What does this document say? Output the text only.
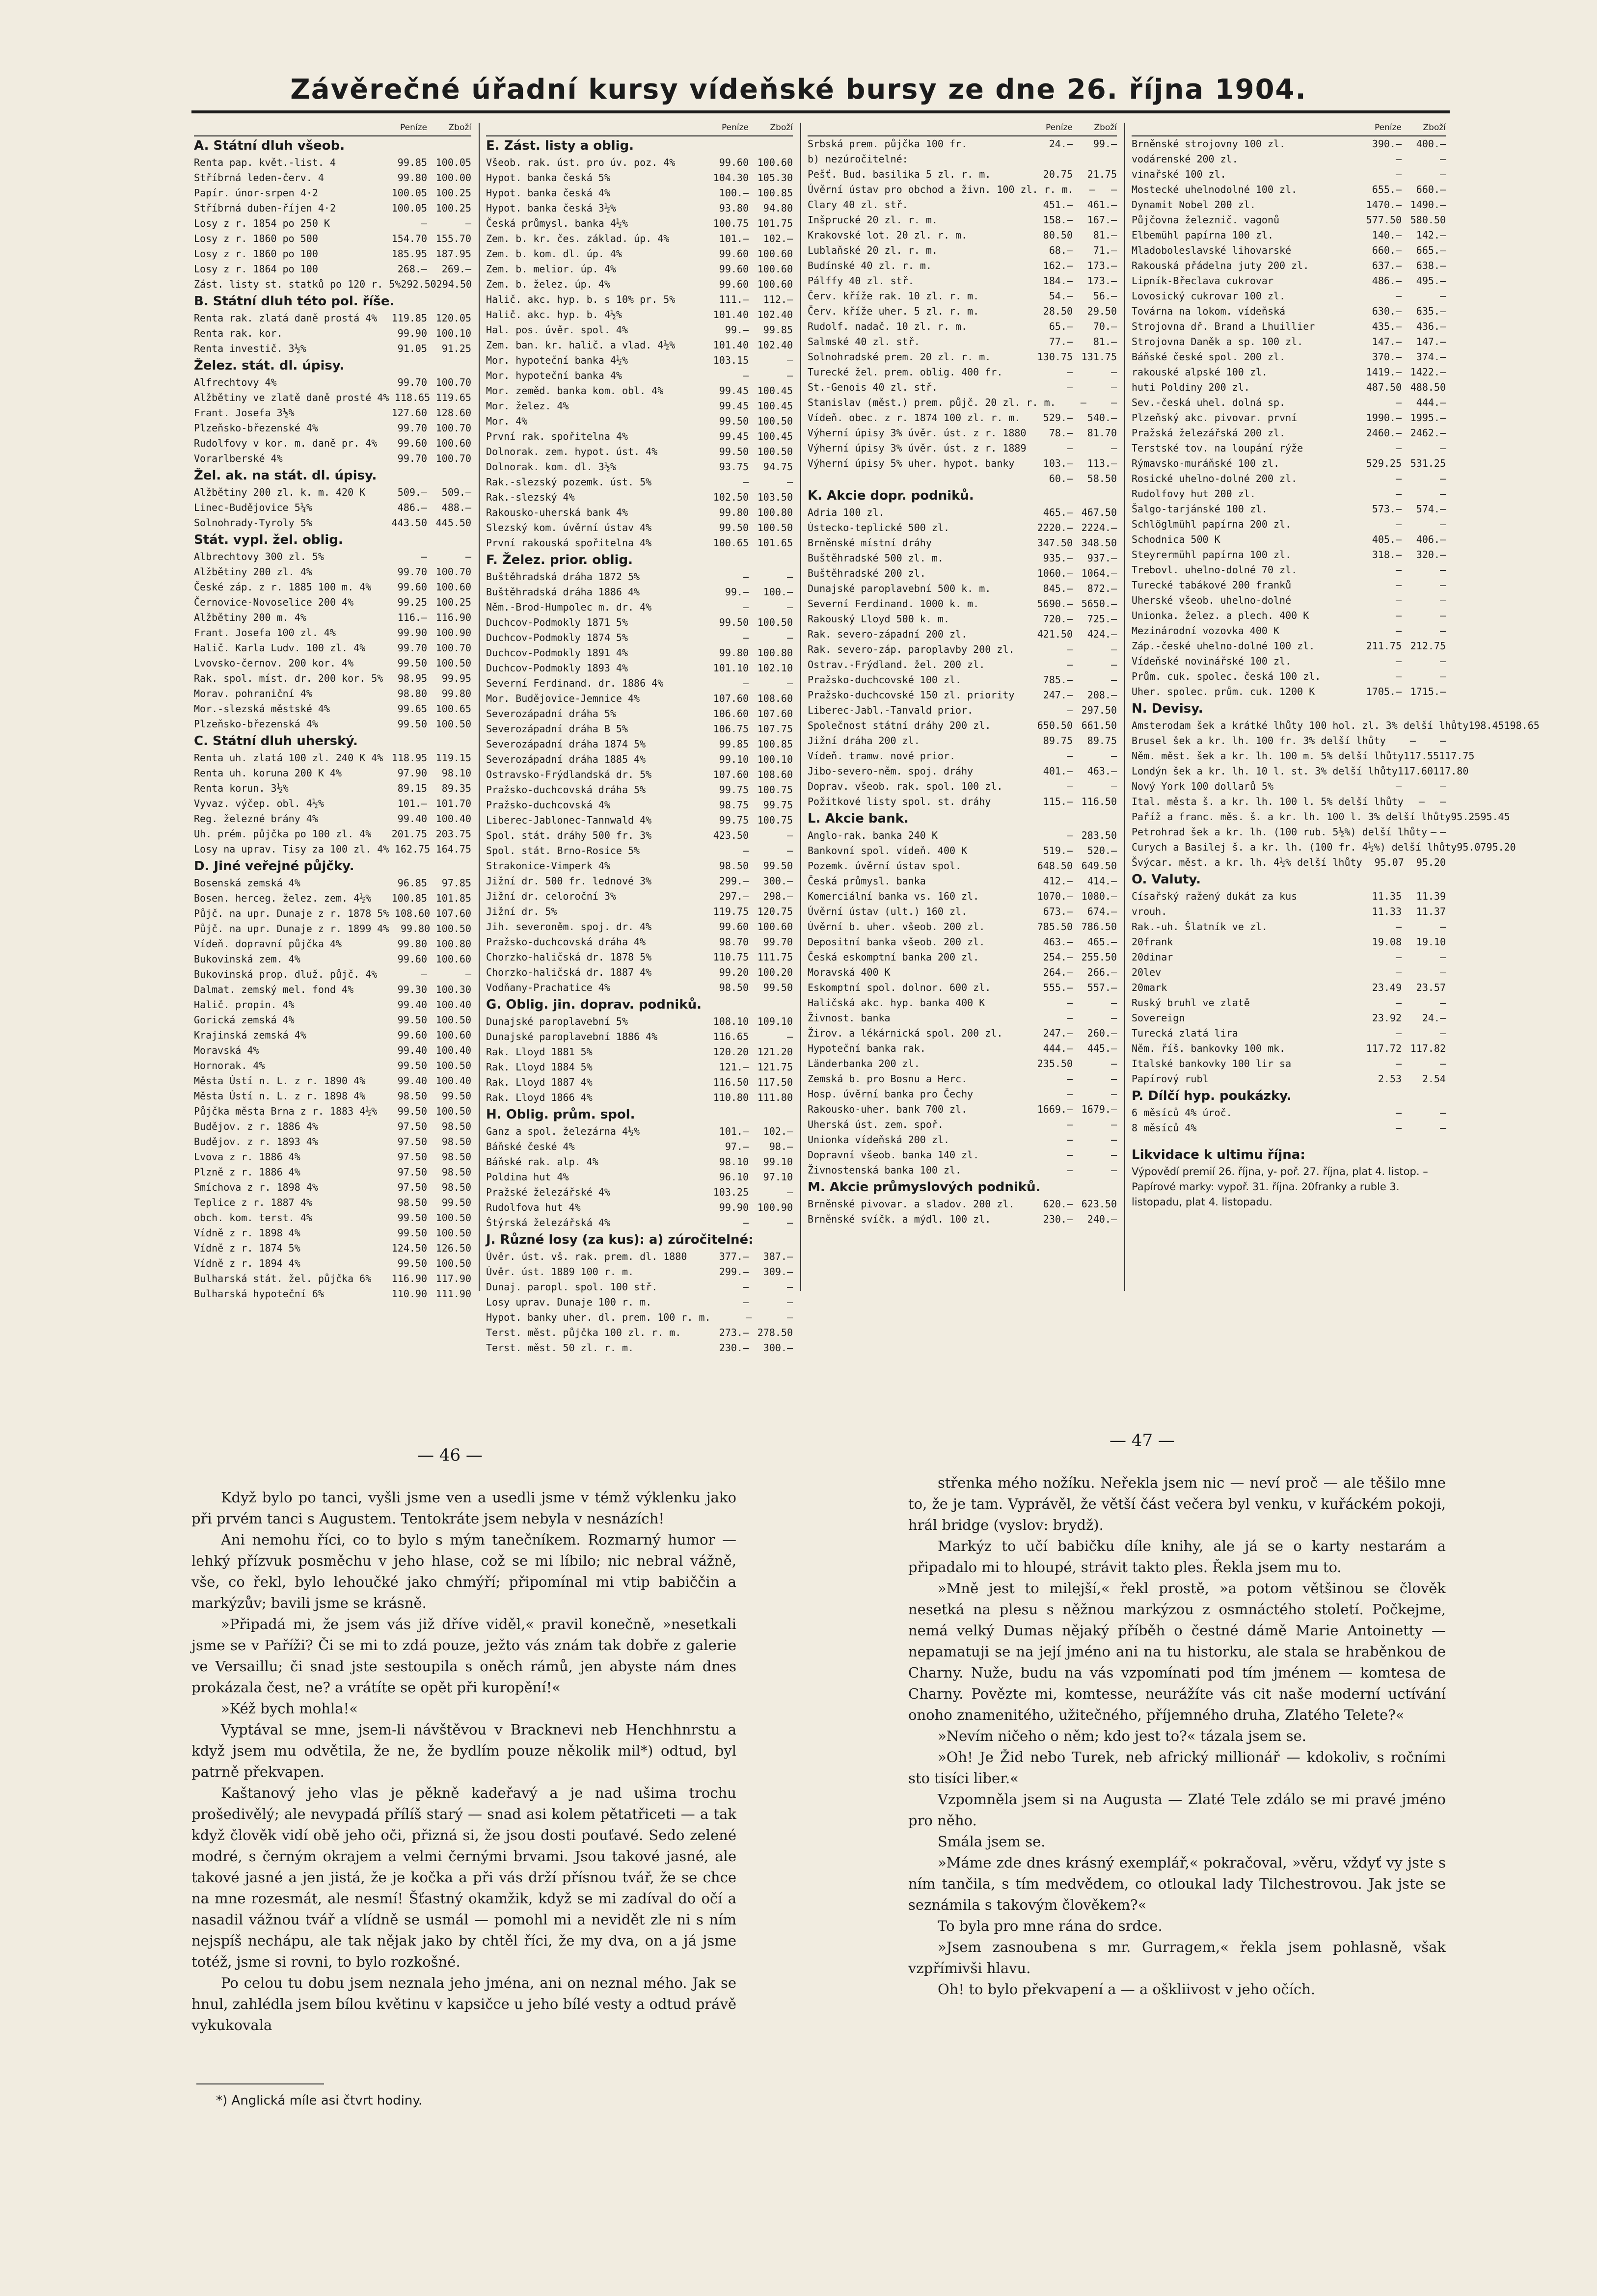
Závěrečné úřadní kursy vídeňské bursy ze dne 26. října 1904.
Peníze	Zboží
A. Státní dluh všeob.
Renta pap. květ.-list. 4	99.85 100.05
Stříbrná leden-červ. 4	99.80 100.00
Papír. únor-srpen 4·2	100.05 100.25
Stříbrná duben-říjen 4·2	100.05 100.25
Losy z r. 1854 po 250 K	—	—
Losy z r. 1860 po 500	154.70 155.70
Losy z r. 1860 po 100	185.95 187.95
Losy z r. 1864 po 100	268.—	269.—
Zást. listy st. statků po 120 r. 5% 292.50 294.50
B. Státní dluh této pol. říše.
Renta rak. zlatá daně prostá 4%	119.85 120.05
Renta rak. kor.	99.90 100.10
Renta investič. 3½%	91.05	91.25
Želez. stát. dl. úpisy.
Alfrechtovy 4%	99.70 100.70
Alžbětiny ve zlatě daně prosté 4% 118.65 119.65
Frant. Josefa 3½%	127.60 128.60
Plzeňsko-březenské 4%	99.70 100.70
Rudolfovy v kor. m. daně pr. 4%	99.60 100.60
Vorarlberské 4%	99.70 100.70
Žel. ak. na stát. dl. úpisy.
Alžbětiny 200 zl. k. m. 420 K	509.—	509.—
Linec-Budějovice 5¼%	486.—	488.—
Solnohrady-Tyroly 5%	443.50 445.50
Stát. vypl. žel. oblig.
Albrechtovy 300 zl. 5%	—	—
Alžbětiny 200 zl. 4%	99.70 100.70
České záp. z r. 1885 100 m. 4%	99.60 100.60
Černovice-Novoselice 200 4%	99.25 100.25
Alžbětiny 200 m. 4%	116.— 116.90
Frant. Josefa 100 zl. 4%	99.90 100.90
Halič. Karla Ludv. 100 zl. 4%	99.70 100.70
Lvovsko-černov. 200 kor. 4%	99.50 100.50
Rak. spol. míst. dr. 200 kor. 5%	98.95	99.95
Morav. pohraniční 4%	98.80	99.80
Mor.-slezská městské 4%	99.65 100.65
Plzeňsko-březenská 4%	99.50 100.50
C. Státní dluh uherský.
Renta uh. zlatá 100 zl. 240 K 4% 118.95 119.15
Renta uh. koruna 200 K 4%	97.90	98.10
Renta korun. 3½%	89.15	89.35
Vyvaz. výčep. obl. 4½%	101.— 101.70
Reg. železné brány 4%	99.40 100.40
Uh. prém. půjčka po 100 zl. 4%	201.75 203.75
Losy na uprav. Tisy za 100 zl. 4% 162.75 164.75
D. Jiné veřejné půjčky.
Bosenská zemská 4%	96.85	97.85
Bosen. herceg. želez. zem. 4½%	100.85 101.85
Půjč. na upr. Dunaje z r. 1878 5% 108.60 107.60
Půjč. na upr. Dunaje z r. 1899 4%	99.80 100.50
Vídeň. dopravní půjčka 4%	99.80 100.80
Bukovinská zem. 4%	99.60 100.60
Bukovinská prop. dluž. půjč. 4%	—	—
Dalmat. zemský mel. fond 4%	99.30 100.30
Halič. propin. 4%	99.40 100.40
Gorická zemská 4%	99.50 100.50
Krajinská zemská 4%	99.60 100.60
Moravská 4%	99.40 100.40
Hornorak. 4%	99.50 100.50
Města Ústí n. L. z r. 1890 4%	99.40 100.40
Města Ústí n. L. z r. 1898 4%	98.50	99.50
Půjčka města Brna z r. 1883 4½%	99.50 100.50
Budějov. z r. 1886 4%	97.50	98.50
Budějov. z r. 1893 4%	97.50	98.50
Lvova z r. 1886 4%	97.50	98.50
Plzně z r. 1886 4%	97.50	98.50
Smíchova z r. 1898 4%	97.50	98.50
Teplice z r. 1887 4%	98.50	99.50
obch. kom. terst. 4%	99.50 100.50
Vídně z r. 1898 4%	99.50 100.50
Vídně z r. 1874 5%	124.50 126.50
Vídně z r. 1894 4%	99.50 100.50
Bulharská stát. žel. půjčka 6%	116.90 117.90
Bulharská hypoteční 6%	110.90 111.90
Peníze	Zboží
E. Zást. listy a oblig.
Všeob. rak. úst. pro úv. poz. 4%	99.60 100.60
Hypot. banka česká 5%	104.30 105.30
Hypot. banka česká 4%	100.— 100.85
Hypot. banka česká 3½%	93.80	94.80
Česká průmysl. banka 4½%	100.75 101.75
Zem. b. kr. čes. základ. úp. 4%	101.—	102.—
Zem. b. kom. dl. úp. 4%	99.60 100.60
Zem. b. melior. úp. 4%	99.60 100.60
Zem. b. želez. úp. 4%	99.60 100.60
Halič. akc. hyp. b. s 10% pr. 5%	111.—	112.—
Halič. akc. hyp. b. 4½%	101.40 102.40
Hal. pos. úvěr. spol. 4%	99.—	99.85
Zem. ban. kr. halič. a vlad. 4½%	101.40 102.40
Mor. hypoteční banka 4½%	103.15	—
Mor. hypoteční banka 4%	—	—
Mor. zeměd. banka kom. obl. 4%	99.45 100.45
Mor. želez. 4%	99.45 100.45
Mor. 4%	99.50 100.50
První rak. spořitelna 4%	99.45 100.45
Dolnorak. zem. hypot. úst. 4%	99.50 100.50
Dolnorak. kom. dl. 3½%	93.75	94.75
Rak.-slezský pozemk. úst. 5%	—	—
Rak.-slezský 4%	102.50 103.50
Rakousko-uherská bank 4%	99.80 100.80
Slezský kom. úvěrní ústav 4%	99.50 100.50
První rakouská spořitelna 4%	100.65 101.65
F. Želez. prior. oblig.
Buštěhradská dráha 1872 5%	—	—
Buštěhradská dráha 1886 4%	99.—	100.—
Něm.-Brod-Humpolec m. dr. 4%	—	—
Duchcov-Podmokly 1871 5%	99.50 100.50
Duchcov-Podmokly 1874 5%	—	—
Duchcov-Podmokly 1891 4%	99.80 100.80
Duchcov-Podmokly 1893 4%	101.10 102.10
Severní Ferdinand. dr. 1886 4%	—	—
Mor. Budějovice-Jemnice 4%	107.60 108.60
Severozápadní dráha 5%	106.60 107.60
Severozápadní dráha B 5%	106.75 107.75
Severozápadní dráha 1874 5%	99.85 100.85
Severozápadní dráha 1885 4%	99.10 100.10
Ostravsko-Frýdlandská dr. 5%	107.60 108.60
Pražsko-duchcovská dráha 5%	99.75 100.75
Pražsko-duchcovská 4%	98.75	99.75
Liberec-Jablonec-Tannwald 4%	99.75 100.75
Spol. stát. dráhy 500 fr. 3%	423.50	—
Spol. stát. Brno-Rosice 5%	—	—
Strakonice-Vimperk 4%	98.50	99.50
Jižní dr. 500 fr. lednové 3%	299.—	300.—
Jižní dr. celoroční 3%	297.—	298.—
Jižní dr. 5%	119.75 120.75
Jih. severoněm. spoj. dr. 4%	99.60 100.60
Pražsko-duchcovská dráha 4%	98.70	99.70
Chorzko-haličská dr. 1878 5%	110.75 111.75
Chorzko-haličská dr. 1887 4%	99.20 100.20
Vodňany-Prachatice 4%	98.50	99.50
G. Oblig. jin. doprav. podniků.
Dunajské paroplavební 5%	108.10 109.10
Dunajské paroplavební 1886 4%	116.65	—
Rak. Lloyd 1881 5%	120.20 121.20
Rak. Lloyd 1884 5%	121.— 121.75
Rak. Lloyd 1887 4%	116.50 117.50
Rak. Lloyd 1866 4%	110.80 111.80
H. Oblig. prům. spol.
Ganz a spol. železárna 4½%	101.—	102.—
Báňské české 4%	97.—	98.—
Báňské rak. alp. 4%	98.10	99.10
Poldina hut 4%	96.10	97.10
Pražské železářské 4%	103.25	—
Rudolfova hut 4%	99.90 100.90
Štýrská železářská 4%	—	—
J. Různé losy (za kus): a) zúročitelné:
Úvěr. úst. vš. rak. prem. dl. 1880	377.—	387.—
Úvěr. úst. 1889 100 r. m.	299.—	309.—
Dunaj. paropl. spol. 100 stř.	—	—
Losy uprav. Dunaje 100 r. m.	—	—
Hypot. banky uher. dl. prem. 100 r. m.	—	—
Terst. měst. půjčka 100 zl. r. m.	273.— 278.50
Terst. měst. 50 zl. r. m.	230.—	300.—
Peníze	Zboží
Srbská prem. půjčka 100 fr.	24.—	99.—
b) nezúročitelné:
Pešť. Bud. basilika 5 zl. r. m.	20.75	21.75
Úvěrní ústav pro obchod a živn. 100 zl. r. m.	—	—
Clary 40 zl. stř.	451.—	461.—
Inšprucké 20 zl. r. m.	158.—	167.—
Krakovské lot. 20 zl. r. m.	80.50	81.—
Lublaňské 20 zl. r. m.	68.—	71.—
Budínské 40 zl. r. m.	162.—	173.—
Pálffy 40 zl. stř.	184.—	173.—
Červ. kříže rak. 10 zl. r. m.	54.—	56.—
Červ. kříže uher. 5 zl. r. m.	28.50	29.50
Rudolf. nadač. 10 zl. r. m.	65.—	70.—
Salmské 40 zl. stř.	77.—	81.—
Solnohradské prem. 20 zl. r. m.	130.75 131.75
Turecké žel. prem. oblig. 400 fr.	—	—
St.-Genois 40 zl. stř.	—	—
Stanislav (měst.) prem. půjč. 20 zl. r. m.	—	—
Vídeň. obec. z r. 1874 100 zl. r. m.	529.—	540.—
Výherní úpisy 3% úvěr. úst. z r. 1880	78.—	81.70
Výherní úpisy 3% úvěr. úst. z r. 1889	—	—
Výherní úpisy 5% uher. hypot. banky	103.—	113.—
60.—	58.50
K. Akcie dopr. podniků.
Adria 100 zl.	465.— 467.50
Ústecko-teplické 500 zl.	2220.— 2224.—
Brněnské místní dráhy	347.50 348.50
Buštěhradské 500 zl. m.	935.—	937.—
Buštěhradské 200 zl.	1060.— 1064.—
Dunajské paroplavební 500 k. m.	845.—	872.—
Severní Ferdinand. 1000 k. m.	5690.— 5650.—
Rakouský Lloyd 500 k. m.	720.—	725.—
Rak. severo-západní 200 zl.	421.50	424.—
Rak. severo-záp. paroplavby 200 zl.	—	—
Ostrav.-Frýdland. žel. 200 zl.	—	—
Pražsko-duchcovské 100 zl.	785.—	—
Pražsko-duchcovské 150 zl. priority	247.—	208.—
Liberec-Jabl.-Tanvald prior.	— 297.50
Společnost státní dráhy 200 zl.	650.50 661.50
Jižní dráha 200 zl.	89.75	89.75
Vídeň. tramw. nové prior.	—	—
Jibo-severo-něm. spoj. dráhy	401.—	463.—
Doprav. všeob. rak. spol. 100 zl.	—	—
Požitkové listy spol. st. dráhy	115.— 116.50
L. Akcie bank.
Anglo-rak. banka 240 K	— 283.50
Bankovní spol. vídeň. 400 K	519.—	520.—
Pozemk. úvěrní ústav spol.	648.50 649.50
Česká průmysl. banka	412.—	414.—
Komerciální banka vs. 160 zl.	1070.— 1080.—
Úvěrní ústav (ult.) 160 zl.	673.—	674.—
Úvěrní b. uher. všeob. 200 zl.	785.50 786.50
Depositní banka všeob. 200 zl.	463.—	465.—
Česká eskomptní banka 200 zl.	254.— 255.50
Moravská 400 K	264.—	266.—
Eskomptní spol. dolnor. 600 zl.	555.—	557.—
Haličská akc. hyp. banka 400 K	—	—
Živnost. banka	—	—
Žirov. a lékárnická spol. 200 zl.	247.—	260.—
Hypoteční banka rak.	444.—	445.—
Länderbanka 200 zl.	235.50	—
Zemská b. pro Bosnu a Herc.	—	—
Hosp. úvěrní banka pro Čechy	—	—
Rakousko-uher. bank 700 zl.	1669.— 1679.—
Uherská úst. zem. spoř.	—	—
Unionka vídeňská 200 zl.	—	—
Dopravní všeob. banka 140 zl.	—	—
Živnostenská banka 100 zl.	—	—
M. Akcie průmyslových podniků.
Brněnské pivovar. a sladov. 200 zl.	620.— 623.50
Brněnské svíčk. a mýdl. 100 zl.	230.—	240.—
Peníze	Zboží
Brněnské strojovny 100 zl.	390.—	400.—
vodárenské 200 zl.	—	—
vinařské 100 zl.	—	—
Mostecké uhelnodolné 100 zl.	655.—	660.—
Dynamit Nobel 200 zl.	1470.— 1490.—
Půjčovna železnič. vagonů	577.50 580.50
Elbemühl papírna 100 zl.	140.—	142.—
Mladoboleslavské lihovarské	660.—	665.—
Rakouská přádelna juty 200 zl.	637.—	638.—
Lipník-Břeclava cukrovar	486.—	495.—
Lovosický cukrovar 100 zl.	—	—
Továrna na lokom. vídeňská	630.—	635.—
Strojovna dř. Brand a Lhuillier	435.—	436.—
Strojovna Daněk a sp. 100 zl.	147.—	147.—
Báňské české spol. 200 zl.	370.—	374.—
rakouské alpské 100 zl.	1419.— 1422.—
huti Poldiny 200 zl.	487.50 488.50
Sev.-česká uhel. dolná sp.	—	444.—
Plzeňský akc. pivovar. první	1990.— 1995.—
Pražská železářská 200 zl.	2460.— 2462.—
Terstské tov. na loupání rýže	—	—
Rýmavsko-muráňské 100 zl.	529.25 531.25
Rosické uhelno-dolné 200 zl.	—	—
Rudolfovy hut 200 zl.	—	—
Šalgo-tarjánské 100 zl.	573.—	574.—
Schlöglmühl papírna 200 zl.	—	—
Schodnica 500 K	405.—	406.—
Steyrermühl papírna 100 zl.	318.—	320.—
Trebovl. uhelno-dolné 70 zl.	—	—
Turecké tabákové 200 franků	—	—
Uherské všeob. uhelno-dolné	—	—
Unionka. želez. a plech. 400 K	—	—
Mezinárodní vozovka 400 K	—	—
Záp.-české uhelno-dolné 100 zl.	211.75 212.75
Vídeňské novinářské 100 zl.	—	—
Prům. cuk. spolec. česká 100 zl.	—	—
Uher. spolec. prům. cuk. 1200 K	1705.— 1715.—
N. Devisy.
Amsterodam šek a krátké lhůty 100 hol. zl. 3% delší lhůty 198.45 198.65
Brusel šek a kr. lh. 100 fr. 3% delší lhůty	—	—
Něm. měst. šek a kr. lh. 100 m. 5% delší lhůty 117.55 117.75
Londýn šek a kr. lh. 10 l. st. 3% delší lhůty 117.60 117.80
Nový York 100 dollarů 5%	—	—
Ital. města š. a kr. lh. 100 l. 5% delší lhůty	—	—
Paříž a franc. měs. š. a kr. lh. 100 l. 3% delší lhůty 95.25 95.45
Petrohrad šek a kr. lh. (100 rub. 5½%) delší lhůty — —
Curych a Basilej š. a kr. lh. (100 fr. 4½%) delší lhůty 95.07 95.20
Švýcar. měst. a kr. lh. 4½% delší lhůty	95.07	95.20
O. Valuty.
Císařský ražený dukát za kus	11.35	11.39
vrouh.	11.33	11.37
Rak.-uh. Šlatník ve zl.	—	—
20frank	19.08	19.10
20dinar	—	—
20lev	—	—
20mark	23.49	23.57
Ruský bruhl ve zlatě	—	—
Sovereign	23.92	24.—
Turecká zlatá lira	—	—
Něm. říš. bankovky 100 mk.	117.72 117.82
Italské bankovky 100 lir sa	—	—
Papírový rubl	2.53	2.54
P. Dílčí hyp. poukázky.
6 měsíců 4% úroč.	—	—
8 měsíců 4%	—	—
Likvidace k ultimu října:
Výpovědí premií 26. října, y- poř. 27. října, plat 4. listop. – Papírové marky: vypoř. 31. října. 20franky a ruble 3. listopadu, plat 4. listopadu.
— 46 —
— 47 —

Když bylo po tanci, vyšli jsme ven a usedli jsme v témž výklenku jako při prvém tanci s Augustem. Tentokráte jsem nebyla v nesnázích!

Ani nemohu říci, co to bylo s mým tanečníkem. Rozmarný humor — lehký přízvuk posměchu v jeho hlase, což se mi líbilo; nic nebral vážně, vše, co řekl, bylo lehoučké jako chmýří; připomínal mi vtip babiččin a markýzův; bavili jsme se krásně.

»Připadá mi, že jsem vás již dříve viděl,« pravil konečně, »nesetkali jsme se v Paříži? Či se mi to zdá pouze, ježto vás znám tak dobře z galerie ve Versaillu; či snad jste sestoupila s oněch rámů, jen abyste nám dnes prokázala čest, ne? a vrátíte se opět při kuropění!«

»Kéž bych mohla!«

Vyptával se mne, jsem-li návštěvou v Bracknevi neb Henchhnrstu a když jsem mu odvětila, že ne, že bydlím pouze několik mil*) odtud, byl patrně překvapen.

Kaštanový jeho vlas je pěkně kadeřavý a je nad ušima trochu prošedivělý; ale nevypadá přílíš starý — snad asi kolem pětatřiceti — a tak když člověk vidí obě jeho oči, přizná si, že jsou dosti pouťavé. Sedo zelené modré, s černým okrajem a velmi černými brvami. Jsou takové jasné, ale takové jasné a jen jistá, že je kočka a při vás drží přísnou tvář, že se chce na mne rozesmát, ale nesmí! Šťastný okamžik, když se mi zadíval do očí a nasadil vážnou tvář a vlídně se usmál — pomohl mi a nevidět zle ni s ním nejspíš nechápu, ale tak nějak jako by chtěl říci, že my dva, on a já jsme totéž, jsme si rovni, to bylo rozkošné.

Po celou tu dobu jsem neznala jeho jména, ani on neznal mého. Jak se hnul, zahlédla jsem bílou květinu v kapsičce u jeho bílé vesty a odtud právě vykukovala

*) Anglická míle asi čtvrt hodiny.

střenka mého nožíku. Neřekla jsem nic — neví proč — ale těšilo mne to, že je tam. Vyprávěl, že větší část večera byl venku, v kuřáckém pokoji, hrál bridge (vyslov: brydž).

Markýz to učí babičku díle knihy, ale já se o karty nestarám a připadalo mi to hloupé, strávit takto ples. Řekla jsem mu to.

»Mně jest to milejší,« řekl prostě, »a potom většinou se člověk nesetká na plesu s něžnou markýzou z osmnáctého století. Počkejme, nemá velký Dumas nějaký příběh o čestné dámě Marie Antoinetty — nepamatuji se na její jméno ani na tu historku, ale stala se hraběnkou de Charny. Nuže, budu na vás vzpomínati pod tím jménem — komtesa de Charny. Povězte mi, komtesse, neurážíte vás cit naše moderní uctívání onoho znamenitého, užitečného, příjemného druha, Zlatého Telete?«

»Nevím ničeho o něm; kdo jest to?« tázala jsem se.

»Oh! Je Žid nebo Turek, neb africký millionář — kdokoliv, s ročními sto tisíci liber.«

Vzpomněla jsem si na Augusta — Zlaté Tele zdálo se mi pravé jméno pro něho.

Smála jsem se.

»Máme zde dnes krásný exemplář,« pokračoval, »věru, vždyť vy jste s ním tančila, s tím medvědem, co otloukal lady Tilchestrovou. Jak jste se seznámila s takovým člověkem?«

To byla pro mne rána do srdce.

»Jsem zasnoubena s mr. Gurragem,« řekla jsem pohlasně, však vzpřímivši hlavu.

Oh! to bylo překvapení a — a oškliivost v jeho očích.
